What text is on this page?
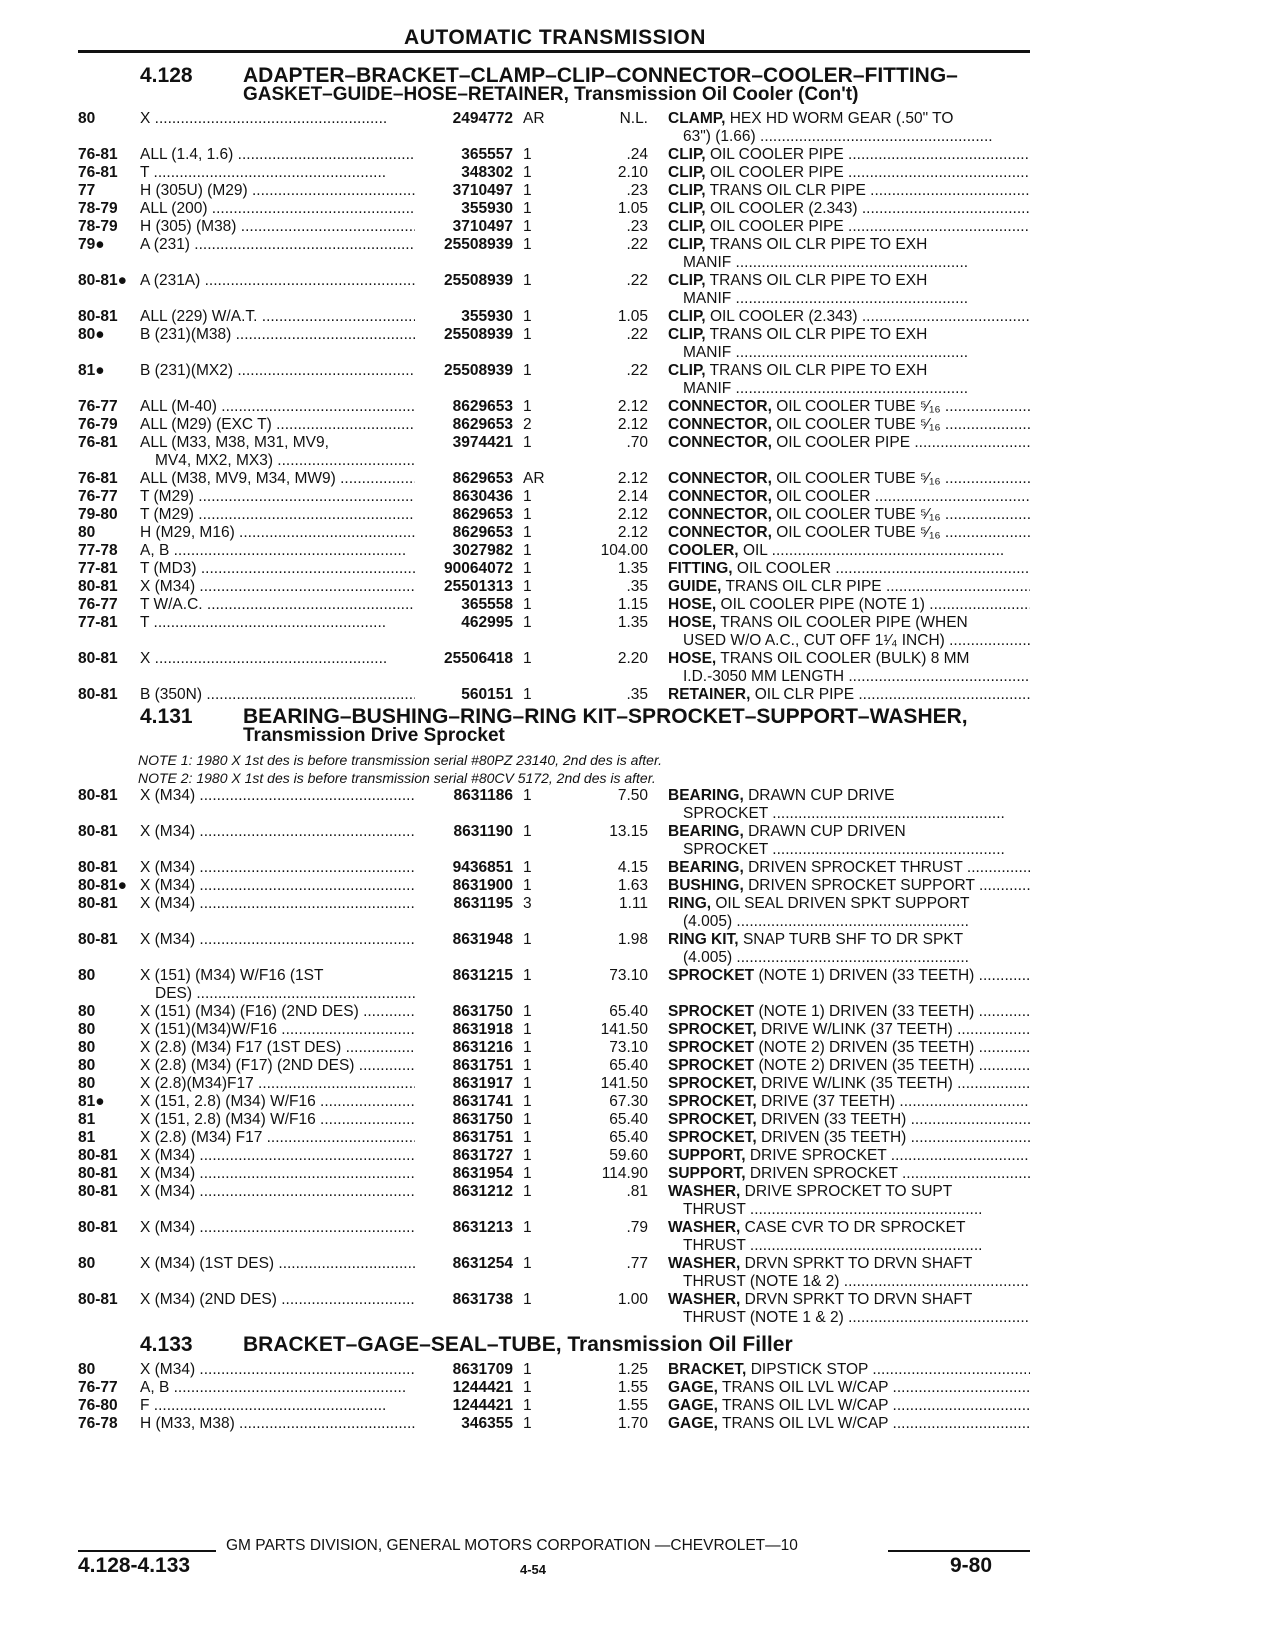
AUTOMATIC TRANSMISSION
4.128 ADAPTER–BRACKET–CLAMP–CLIP–CONNECTOR–COOLER–FITTING–
GASKET–GUIDE–HOSE–RETAINER, Transmission Oil Cooler (Con't)
80	X .....	2494772 AR	N.L. CLAMP, HEX HD WORM GEAR (.50" TO
63") (1.66) .....
76-81	ALL (1.4, 1.6) .....	365557 1	.24 CLIP, OIL COOLER PIPE .....
76-81	T .....	348302 1	2.10 CLIP, OIL COOLER PIPE .....
77	H (305U) (M29) .....	3710497 1	.23 CLIP, TRANS OIL CLR PIPE .....
78-79	ALL (200) .....	355930 1	1.05 CLIP, OIL COOLER (2.343) .....
78-79	H (305) (M38) .....	3710497 1	.23 CLIP, OIL COOLER PIPE .....
79●	A (231) .....	25508939 1	.22 CLIP, TRANS OIL CLR PIPE TO EXH
MANIF .....
80-81● A (231A) .....	25508939 1	.22 CLIP, TRANS OIL CLR PIPE TO EXH
MANIF .....
80-81	ALL (229) W/A.T. .....	355930 1	1.05 CLIP, OIL COOLER (2.343) .....
80●	B (231)(M38) .....	25508939 1	.22 CLIP, TRANS OIL CLR PIPE TO EXH
MANIF .....
81●	B (231)(MX2) .....	25508939 1	.22 CLIP, TRANS OIL CLR PIPE TO EXH
MANIF .....
76-77	ALL (M-40) .....	8629653 1	2.12 CONNECTOR, OIL COOLER TUBE ⁵⁄₁₆ .....
76-79	ALL (M29) (EXC T) .....	8629653 2	2.12 CONNECTOR, OIL COOLER TUBE ⁵⁄₁₆ .....
76-81	ALL (M33, M38, M31, MV9,	3974421 1	.70 CONNECTOR, OIL COOLER PIPE .....
MV4, MX2, MX3) .....
76-81	ALL (M38, MV9, M34, MW9) .....	8629653 AR	2.12 CONNECTOR, OIL COOLER TUBE ⁵⁄₁₆ .....
76-77	T (M29) .....	8630436 1	2.14 CONNECTOR, OIL COOLER .....
79-80	T (M29) .....	8629653 1	2.12 CONNECTOR, OIL COOLER TUBE ⁵⁄₁₆ .....
80	H (M29, M16) .....	8629653 1	2.12 CONNECTOR, OIL COOLER TUBE ⁵⁄₁₆ .....
77-78	A, B .....	3027982 1	104.00 COOLER, OIL .....
77-81	T (MD3) .....	90064072 1	1.35 FITTING, OIL COOLER .....
80-81	X (M34) .....	25501313 1	.35 GUIDE, TRANS OIL CLR PIPE .....
76-77	T W/A.C. .....	365558 1	1.15 HOSE, OIL COOLER PIPE (NOTE 1) .....
77-81	T .....	462995 1	1.35 HOSE, TRANS OIL COOLER PIPE (WHEN
USED W/O A.C., CUT OFF 1¹⁄₄ INCH) .....
80-81	X .....	25506418 1	2.20 HOSE, TRANS OIL COOLER (BULK) 8 MM
I.D.-3050 MM LENGTH .....
80-81	B (350N) .....	560151 1	.35 RETAINER, OIL CLR PIPE .....
4.131 BEARING–BUSHING–RING–RING KIT–SPROCKET–SUPPORT–WASHER,
Transmission Drive Sprocket
NOTE 1: 1980 X 1st des is before transmission serial #80PZ 23140, 2nd des is after.
NOTE 2: 1980 X 1st des is before transmission serial #80CV 5172, 2nd des is after.
80-81	X (M34) .....	8631186 1	7.50 BEARING, DRAWN CUP DRIVE
SPROCKET .....
80-81	X (M34) .....	8631190 1	13.15 BEARING, DRAWN CUP DRIVEN
SPROCKET .....
80-81	X (M34) .....	9436851 1	4.15 BEARING, DRIVEN SPROCKET THRUST .....
80-81● X (M34) .....	8631900 1	1.63 BUSHING, DRIVEN SPROCKET SUPPORT .....
80-81	X (M34) .....	8631195 3	1.11 RING, OIL SEAL DRIVEN SPKT SUPPORT
(4.005) .....
80-81	X (M34) .....	8631948 1	1.98 RING KIT, SNAP TURB SHF TO DR SPKT
(4.005) .....
80	X (151) (M34) W/F16 (1ST	8631215 1	73.10 SPROCKET (NOTE 1) DRIVEN (33 TEETH) .....
DES) .....
80	X (151) (M34) (F16) (2ND DES) .....	8631750 1	65.40 SPROCKET (NOTE 1) DRIVEN (33 TEETH) .....
80	X (151)(M34)W/F16 .....	8631918 1	141.50 SPROCKET, DRIVE W/LINK (37 TEETH) .....
80	X (2.8) (M34) F17 (1ST DES) .....	8631216 1	73.10 SPROCKET (NOTE 2) DRIVEN (35 TEETH) .....
80	X (2.8) (M34) (F17) (2ND DES) .....	8631751 1	65.40 SPROCKET (NOTE 2) DRIVEN (35 TEETH) .....
80	X (2.8)(M34)F17 .....	8631917 1	141.50 SPROCKET, DRIVE W/LINK (35 TEETH) .....
81●	X (151, 2.8) (M34) W/F16 .....	8631741 1	67.30 SPROCKET, DRIVE (37 TEETH) .....
81	X (151, 2.8) (M34) W/F16 .....	8631750 1	65.40 SPROCKET, DRIVEN (33 TEETH) .....
81	X (2.8) (M34) F17 .....	8631751 1	65.40 SPROCKET, DRIVEN (35 TEETH) .....
80-81	X (M34) .....	8631727 1	59.60 SUPPORT, DRIVE SPROCKET .....
80-81	X (M34) .....	8631954 1	114.90 SUPPORT, DRIVEN SPROCKET .....
80-81	X (M34) .....	8631212 1	.81 WASHER, DRIVE SPROCKET TO SUPT
THRUST .....
80-81	X (M34) .....	8631213 1	.79 WASHER, CASE CVR TO DR SPROCKET
THRUST .....
80	X (M34) (1ST DES) .....	8631254 1	.77 WASHER, DRVN SPRKT TO DRVN SHAFT
THRUST (NOTE 1& 2) .....
80-81	X (M34) (2ND DES) .....	8631738 1	1.00 WASHER, DRVN SPRKT TO DRVN SHAFT
THRUST (NOTE 1 & 2) .....
4.133 BRACKET–GAGE–SEAL–TUBE, Transmission Oil Filler
80	X (M34) .....	8631709 1	1.25 BRACKET, DIPSTICK STOP .....
76-77	A, B .....	1244421 1	1.55 GAGE, TRANS OIL LVL W/CAP .....
76-80	F .....	1244421 1	1.55 GAGE, TRANS OIL LVL W/CAP .....
76-78	H (M33, M38) .....	346355 1	1.70 GAGE, TRANS OIL LVL W/CAP .....
GM PARTS DIVISION, GENERAL MOTORS CORPORATION —CHEVROLET—10
4.128-4.133	4-54	9-80
